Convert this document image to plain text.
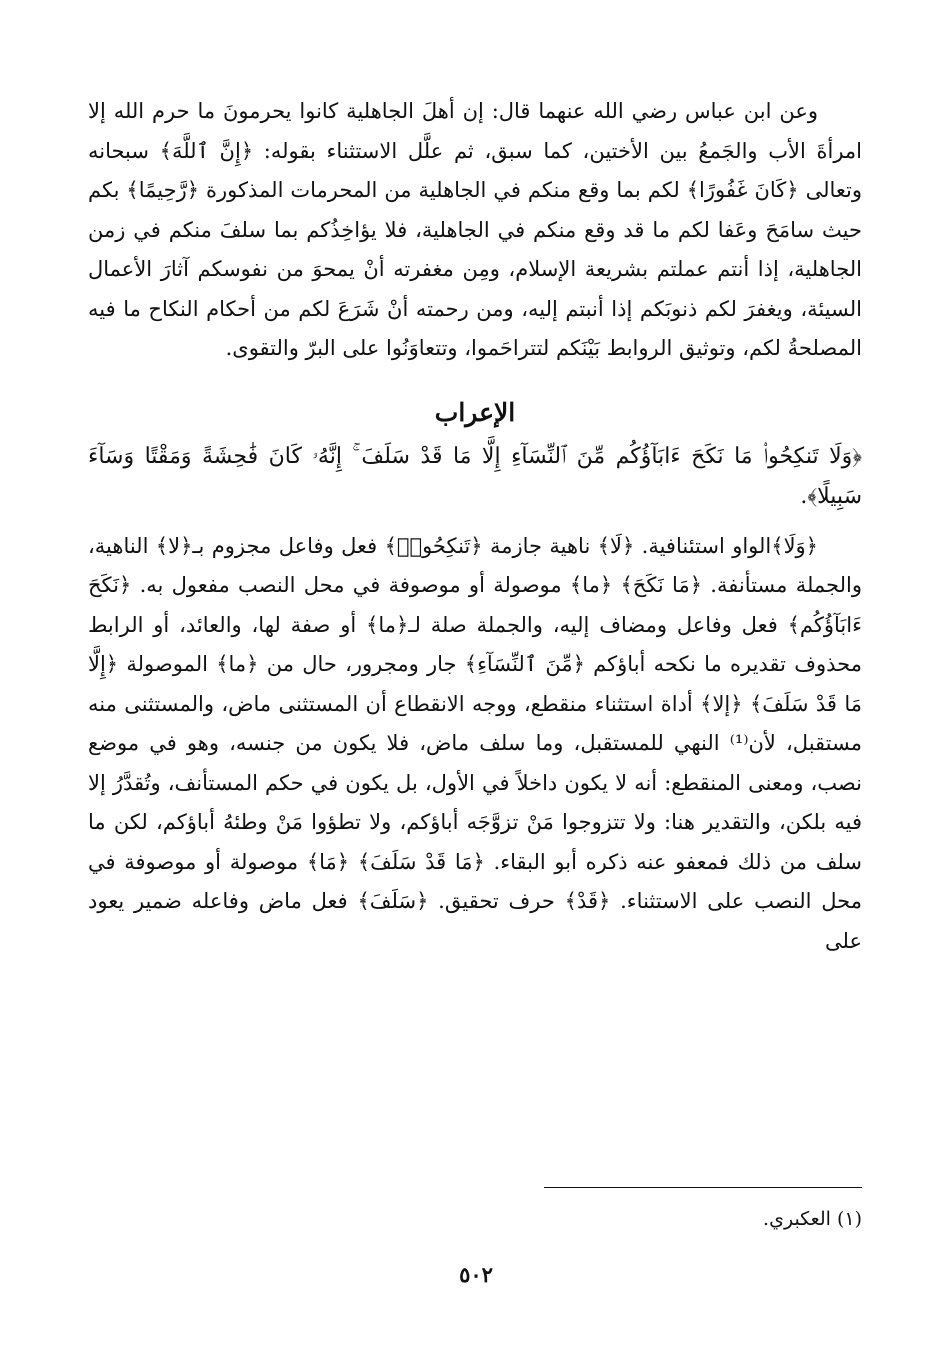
وعن ابن عباس رضي الله عنهما قال: إن أهلَ الجاهلية كانوا يحرمونَ ما حرم الله إلا امرأةَ الأب والجَمعُ بين الأختين، كما سبق، ثم علَّل الاستثناء بقوله: ﴿إِنَّ ٱللَّهَ﴾ سبحانه وتعالى ﴿كَانَ غَفُورًا﴾ لكم بما وقع منكم في الجاهلية من المحرمات المذكورة ﴿رَّحِيمًا﴾ بكم حيث سامَحَ وعَفا لكم ما قد وقع منكم في الجاهلية، فلا يؤاخِذُكم بما سلفَ منكم في زمن الجاهلية، إذا أنتم عملتم بشريعة الإسلام، ومِن مغفرته أنْ يمحوَ من نفوسكم آثارَ الأعمال السيئة، ويغفرَ لكم ذنوبَكم إذا أنبتم إليه، ومن رحمته أنْ شَرَعَ لكم من أحكام النكاح ما فيه المصلحةُ لكم، وتوثيق الروابط بَيْنَكم لتتراحَموا، وتتعاوَنُوا على البرّ والتقوى.

الإعراب

﴿وَلَا تَنكِحُوا۟ مَا نَكَحَ ءَابَآؤُكُم مِّنَ ٱلنِّسَآءِ إِلَّا مَا قَدْ سَلَفَ ۚ إِنَّهُۥ كَانَ فَٰحِشَةً وَمَقْتًا وَسَآءَ سَبِيلًا﴾.

﴿وَلَا﴾الواو استئنافية. ﴿لَا﴾ ناهية جازمة ﴿تَنكِحُوا۟﴾ فعل وفاعل مجزوم بـ﴿لا﴾ الناهية، والجملة مستأنفة. ﴿مَا نَكَحَ﴾ ﴿ما﴾ موصولة أو موصوفة في محل النصب مفعول به. ﴿نَكَحَ ءَابَآؤُكُم﴾ فعل وفاعل ومضاف إليه، والجملة صلة لـ﴿ما﴾ أو صفة لها، والعائد، أو الرابط محذوف تقديره ما نكحه أباؤكم ﴿مِّنَ ٱلنِّسَآءِ﴾ جار ومجرور، حال من ﴿ما﴾ الموصولة ﴿إِلَّا مَا قَدْ سَلَفَ﴾ ﴿إلا﴾ أداة استثناء منقطع، ووجه الانقطاع أن المستثنى ماض، والمستثنى منه مستقبل، لأن⁽¹⁾ النهي للمستقبل، وما سلف ماض، فلا يكون من جنسه، وهو في موضع نصب، ومعنى المنقطع: أنه لا يكون داخلاً في الأول، بل يكون في حكم المستأنف، وتُقدَّرُ إلا فيه بلكن، والتقدير هنا: ولا تتزوجوا مَنْ تزوَّجَه أباؤكم، ولا تطؤوا مَنْ وطئهُ أباؤكم، لكن ما سلف من ذلك فمعفو عنه ذكره أبو البقاء. ﴿مَا قَدْ سَلَفَ﴾ ﴿مَا﴾ موصولة أو موصوفة في محل النصب على الاستثناء. ﴿قَدْ﴾ حرف تحقيق. ﴿سَلَفَ﴾ فعل ماض وفاعله ضمير يعود على

(١) العكبري.
٥٠٢
